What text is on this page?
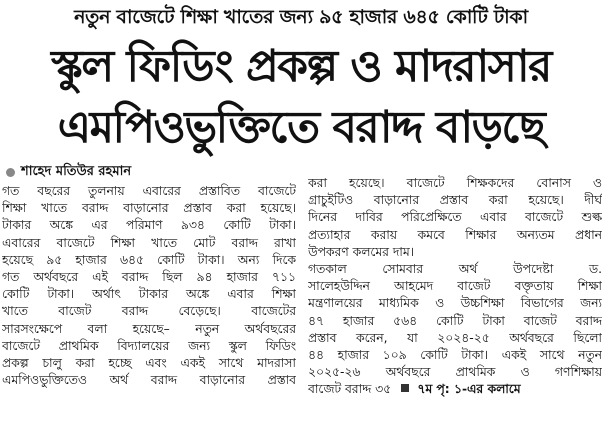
নতুন বাজেটে শিক্ষা খাতের জন্য ৯৫ হাজার ৬৪৫ কোটি টাকা
স্কুল ফিডিং প্রকল্প ও মাদরাসার
এমপিওভুক্তিতে বরাদ্দ বাড়ছে
শাহেদ মতিউর রহমান
গত বছরের তুলনায় এবারের প্রস্তাবিত বাজেটে
শিক্ষা খাতে বরাদ্দ বাড়ানোর প্রস্তাব করা হয়েছে।
টাকার অঙ্কে এর পরিমাণ ৯৩৪ কোটি টাকা।
এবারের বাজেটে শিক্ষা খাতে মোট বরাদ্দ রাখা
হয়েছে ৯৫ হাজার ৬৪৫ কোটি টাকা। অন্য দিকে
গত অর্থবছরে এই বরাদ্দ ছিল ৯৪ হাজার ৭১১
কোটি টাকা। অর্থাৎ টাকার অঙ্কে এবার শিক্ষা
খাতে বাজেট বরাদ্দ বেড়েছে। বাজেটের
সারসংক্ষেপে বলা হয়েছে– নতুন অর্থবছরের
বাজেটে প্রাথমিক বিদ্যালয়ের জন্য স্কুল ফিডিং
প্রকল্প চালু করা হচ্ছে এবং একই সাথে মাদরাসা
এমপিওভুক্তিতেও অর্থ বরাদ্দ বাড়ানোর প্রস্তাব
করা হয়েছে। বাজেটে শিক্ষকদের বোনাস ও
গ্রাচুইটিও বাড়ানোর প্রস্তাব করা হয়েছে। দীর্ঘ
দিনের দাবির পরিপ্রেক্ষিতে এবার বাজেটে শুল্ক
প্রত্যাহার করায় কমবে শিক্ষার অন্যতম প্রধান
উপকরণ কলমের দাম।
গতকাল সোমবার অর্থ উপদেষ্টা ড.
সালেহউদ্দিন আহমেদ বাজেট বক্তৃতায় শিক্ষা
মন্ত্রণালয়ের মাধ্যমিক ও উচ্চশিক্ষা বিভাগের জন্য
৪৭ হাজার ৫৬৪ কোটি টাকা বাজেট বরাদ্দ
প্রস্তাব করেন, যা ২০২৪-২৫ অর্থবছরে ছিলো
৪৪ হাজার ১০৯ কোটি টাকা। একই সাথে নতুন
২০২৫-২৬ অর্থবছরে প্রাথমিক ও গণশিক্ষায়
বাজেট বরাদ্দ ৩৫ ৭ম পৃ: ১-এর কলামে
